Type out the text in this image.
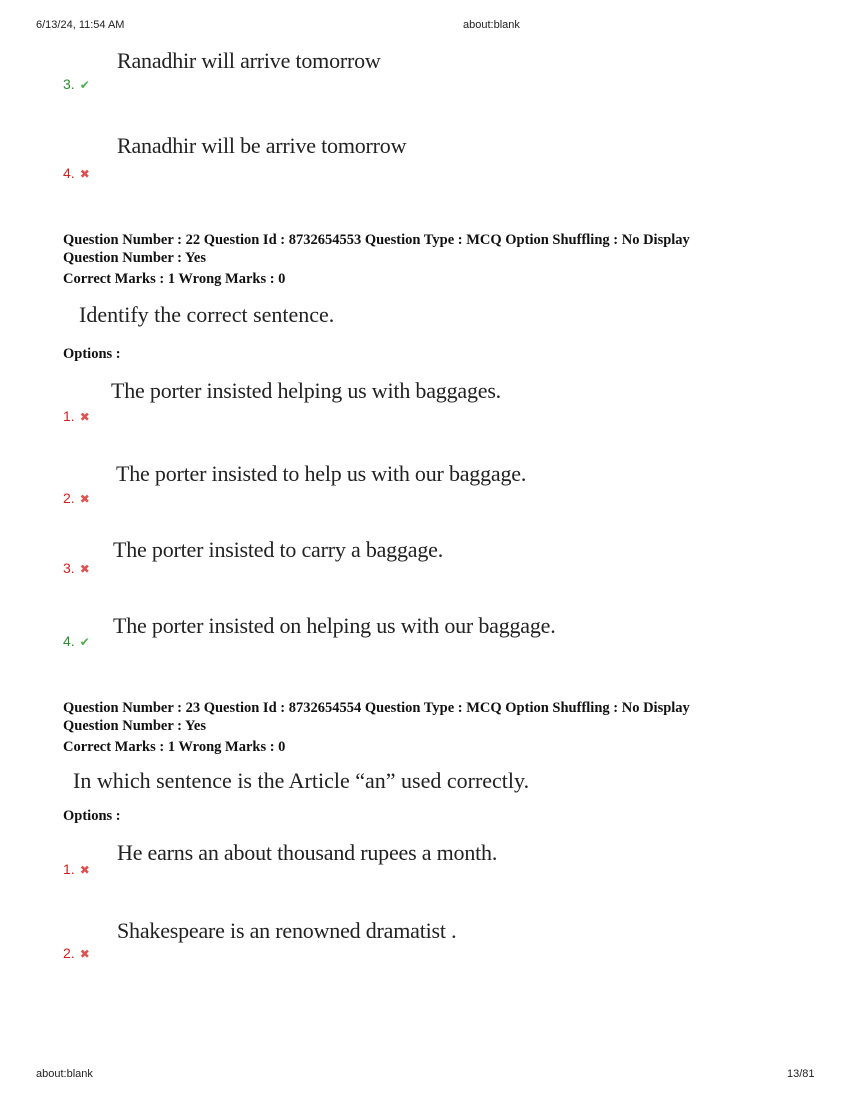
6/13/24, 11:54 AM	about:blank
Ranadhir will arrive tomorrow
3. ✔
Ranadhir will be arrive tomorrow
4. ✖
Question Number : 22 Question Id : 8732654553 Question Type : MCQ Option Shuffling : No Display
Question Number : Yes
Correct Marks : 1 Wrong Marks : 0
Identify the correct sentence.
Options :
The porter insisted helping us with baggages.
1. ✖
The porter insisted to help us with our baggage.
2. ✖
The porter insisted to carry a baggage.
3. ✖
The porter insisted on helping us with our baggage.
4. ✔
Question Number : 23 Question Id : 8732654554 Question Type : MCQ Option Shuffling : No Display
Question Number : Yes
Correct Marks : 1 Wrong Marks : 0
In which sentence is the Article “an” used correctly.
Options :
He earns an about thousand rupees a month.
1. ✖
Shakespeare is an renowned dramatist .
2. ✖
about:blank	13/81
